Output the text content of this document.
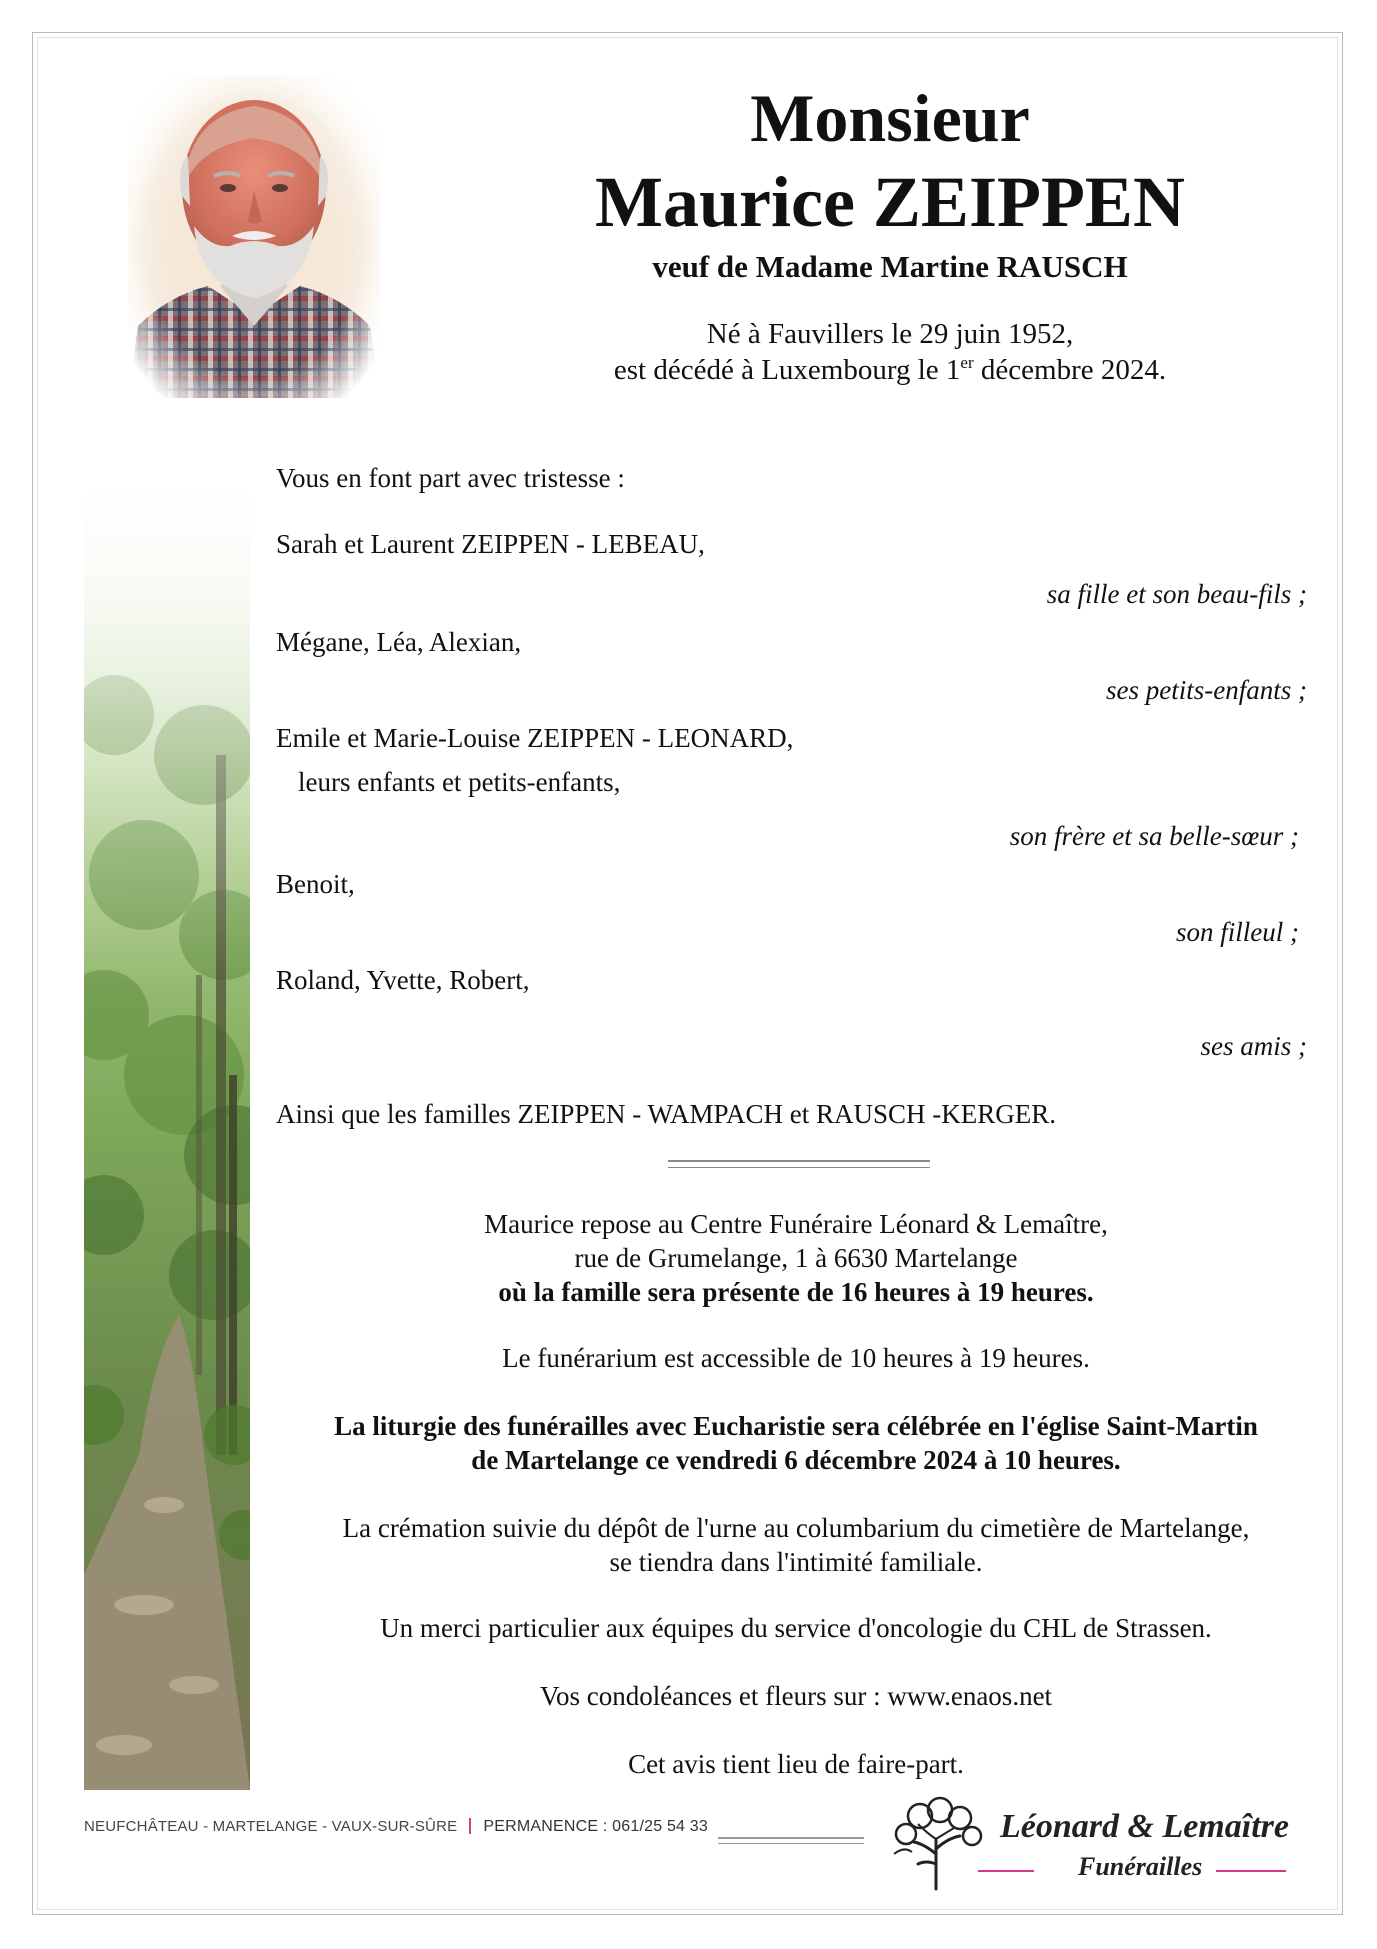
Monsieur
Maurice ZEIPPEN
veuf de Madame Martine RAUSCH
Né à Fauvillers le 29 juin 1952,
est décédé à Luxembourg le 1er décembre 2024.
Vous en font part avec tristesse :
Sarah et Laurent ZEIPPEN - LEBEAU,
sa fille et son beau-fils ;
Mégane, Léa, Alexian,
ses petits-enfants ;
Emile et Marie-Louise ZEIPPEN - LEONARD,
leurs enfants et petits-enfants,
son frère et sa belle-sœur ;
Benoit,
son filleul ;
Roland, Yvette, Robert,
ses amis ;
Ainsi que les familles ZEIPPEN - WAMPACH et RAUSCH -KERGER.
Maurice repose au Centre Funéraire Léonard & Lemaître,
rue de Grumelange, 1 à 6630 Martelange
où la famille sera présente de 16 heures à 19 heures.
Le funérarium est accessible de 10 heures à 19 heures.
La liturgie des funérailles avec Eucharistie sera célébrée en l'église Saint-Martin
de Martelange ce vendredi 6 décembre 2024 à 10 heures.
La crémation suivie du dépôt de l'urne au columbarium du cimetière de Martelange,
se tiendra dans l'intimité familiale.
Un merci particulier aux équipes du service d'oncologie du CHL de Strassen.
Vos condoléances et fleurs sur : www.enaos.net
Cet avis tient lieu de faire-part.
NEUFCHÂTEAU - MARTELANGE - VAUX-SUR-SÛRE PERMANENCE : 061/25 54 33	Léonard & Lemaître
Funérailles
